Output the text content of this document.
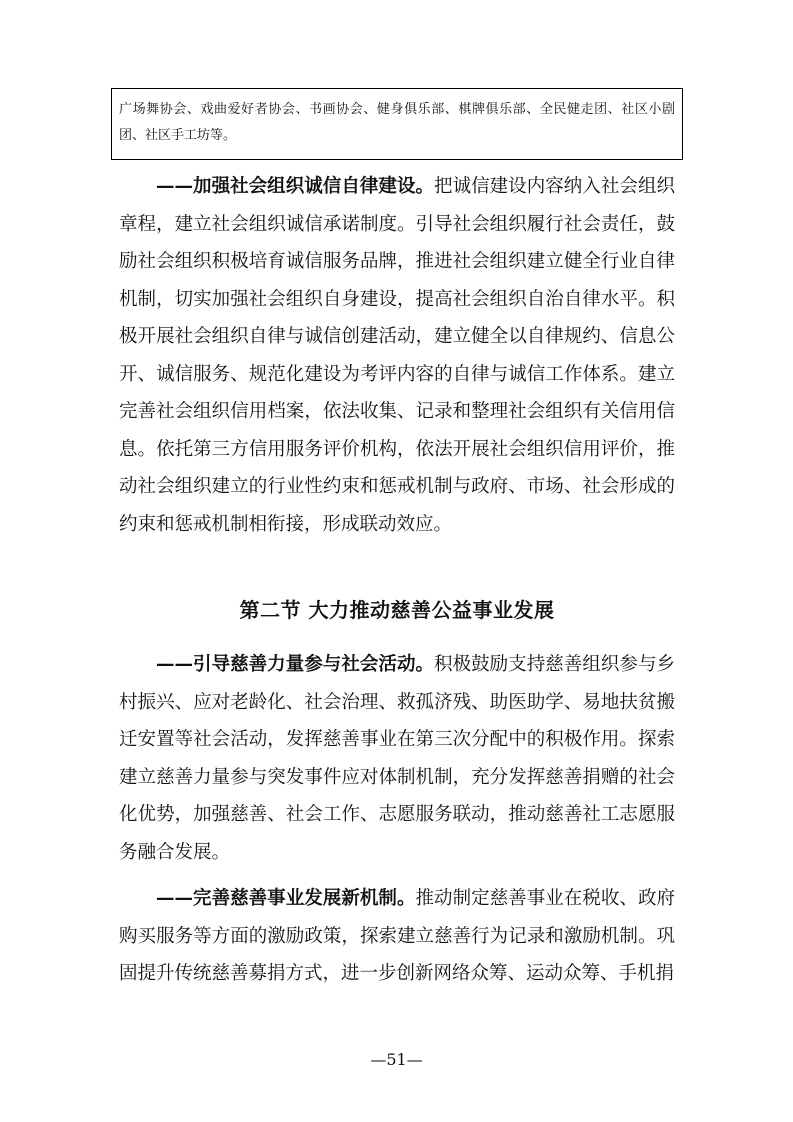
广场舞协会、戏曲爱好者协会、书画协会、健身俱乐部、棋牌俱乐部、全民健走团、社区小剧团、社区手工坊等。

——加强社会组织诚信自律建设。把诚信建设内容纳入社会组织章程，建立社会组织诚信承诺制度。引导社会组织履行社会责任，鼓励社会组织积极培育诚信服务品牌，推进社会组织建立健全行业自律机制，切实加强社会组织自身建设，提高社会组织自治自律水平。积极开展社会组织自律与诚信创建活动，建立健全以自律规约、信息公开、诚信服务、规范化建设为考评内容的自律与诚信工作体系。建立完善社会组织信用档案，依法收集、记录和整理社会组织有关信用信息。依托第三方信用服务评价机构，依法开展社会组织信用评价，推动社会组织建立的行业性约束和惩戒机制与政府、市场、社会形成的约束和惩戒机制相衔接，形成联动效应。

第二节 大力推动慈善公益事业发展

——引导慈善力量参与社会活动。积极鼓励支持慈善组织参与乡村振兴、应对老龄化、社会治理、救孤济残、助医助学、易地扶贫搬迁安置等社会活动，发挥慈善事业在第三次分配中的积极作用。探索建立慈善力量参与突发事件应对体制机制，充分发挥慈善捐赠的社会化优势，加强慈善、社会工作、志愿服务联动，推动慈善社工志愿服务融合发展。

——完善慈善事业发展新机制。推动制定慈善事业在税收、政府购买服务等方面的激励政策，探索建立慈善行为记录和激励机制。巩固提升传统慈善募捐方式，进一步创新网络众筹、运动众筹、手机捐

—51—
